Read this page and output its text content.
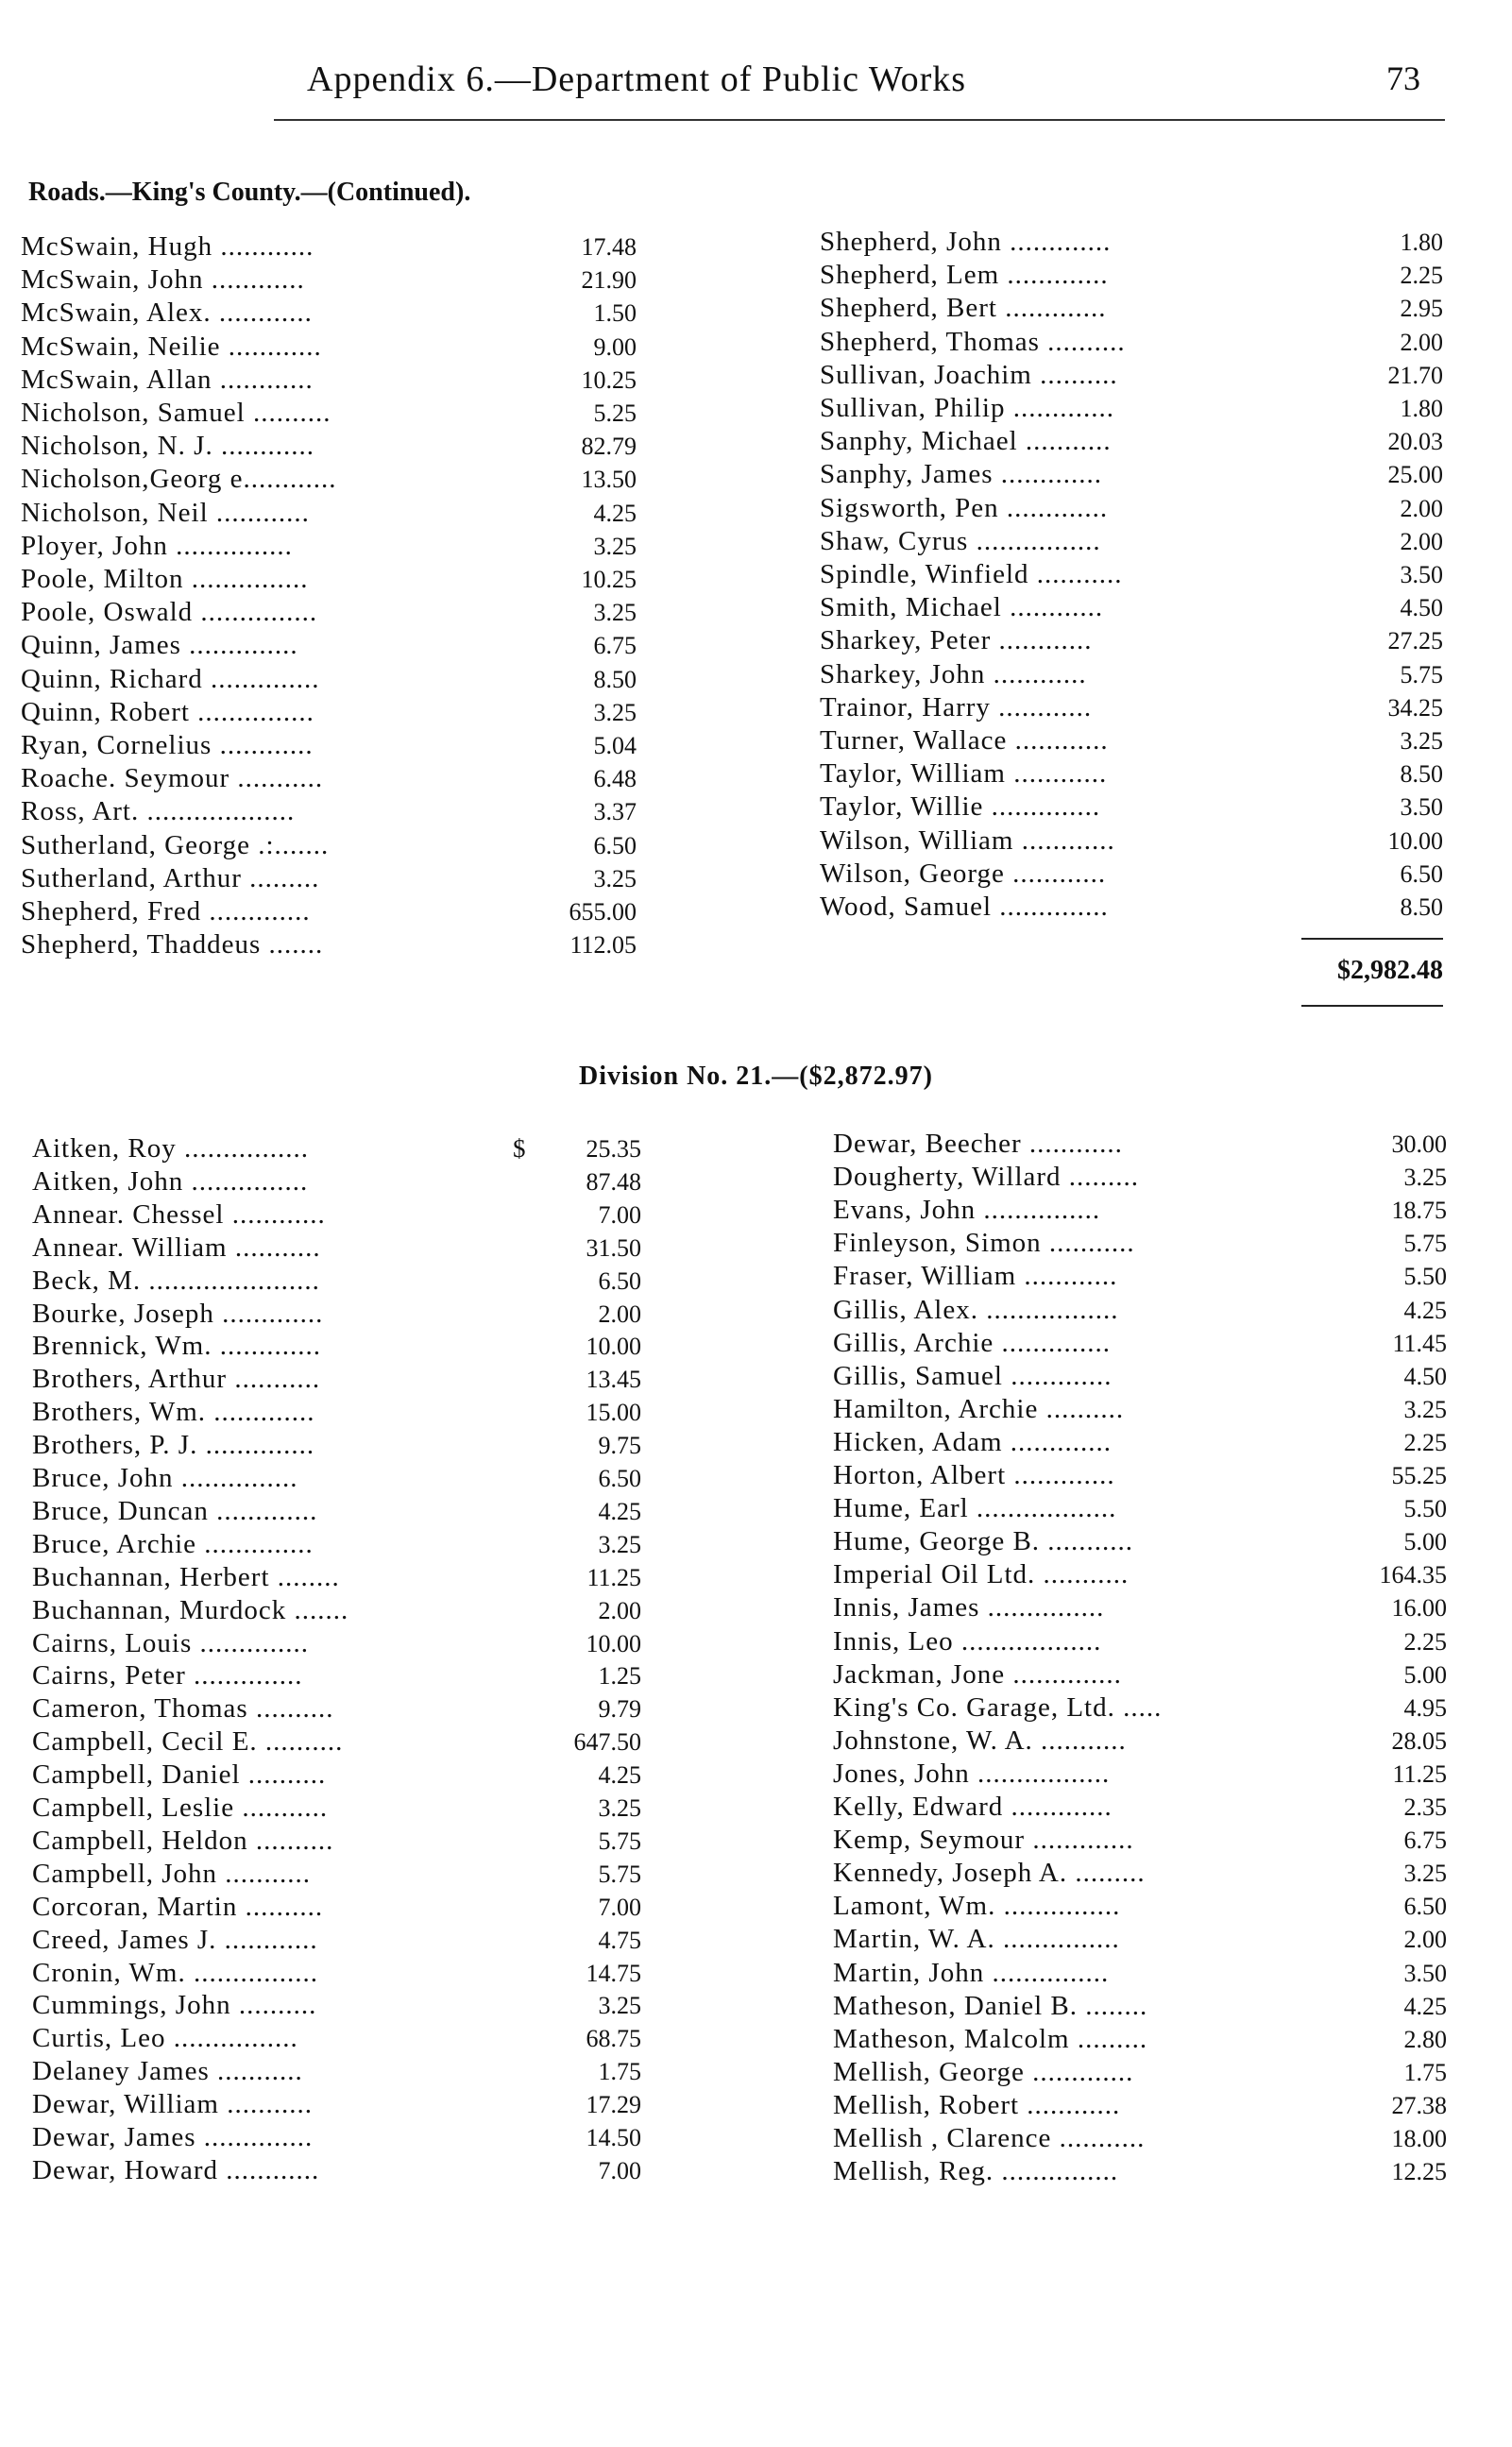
Appendix 6.—Department of Public Works	73
Roads.—King's County.—(Continued).
McSwain, Hugh ............	17.48
McSwain, John ............	21.90
McSwain, Alex. ............	1.50
McSwain, Neilie ............	9.00
McSwain, Allan ............	10.25
Nicholson, Samuel ..........	5.25
Nicholson, N. J. ............	82.79
Nicholson,Georg e............	13.50
Nicholson, Neil ............	4.25
Ployer, John ...............	3.25
Poole, Milton ...............	10.25
Poole, Oswald ...............	3.25
Quinn, James ..............	6.75
Quinn, Richard ..............	8.50
Quinn, Robert ...............	3.25
Ryan, Cornelius ............	5.04
Roache. Seymour ...........	6.48
Ross, Art. ...................	3.37
Sutherland, George .:.......	6.50
Sutherland, Arthur .........	3.25
Shepherd, Fred .............	655.00
Shepherd, Thaddeus .......	112.05
Shepherd, John .............	1.80
Shepherd, Lem .............	2.25
Shepherd, Bert .............	2.95
Shepherd, Thomas ..........	2.00
Sullivan, Joachim ..........	21.70
Sullivan, Philip .............	1.80
Sanphy, Michael ...........	20.03
Sanphy, James .............	25.00
Sigsworth, Pen .............	2.00
Shaw, Cyrus ................	2.00
Spindle, Winfield ...........	3.50
Smith, Michael ............	4.50
Sharkey, Peter ............	27.25
Sharkey, John ............	5.75
Trainor, Harry ............	34.25
Turner, Wallace ............	3.25
Taylor, William ............	8.50
Taylor, Willie ..............	3.50
Wilson, William ............	10.00
Wilson, George ............	6.50
Wood, Samuel ..............	8.50
$2,982.48
Division No. 21.—($2,872.97)
$
Aitken, Roy ................	25.35
Aitken, John ...............	87.48
Annear. Chessel ............	7.00
Annear. William ...........	31.50
Beck, M. ......................	6.50
Bourke, Joseph .............	2.00
Brennick, Wm. .............	10.00
Brothers, Arthur ...........	13.45
Brothers, Wm. .............	15.00
Brothers, P. J. ..............	9.75
Bruce, John ...............	6.50
Bruce, Duncan .............	4.25
Bruce, Archie ..............	3.25
Buchannan, Herbert ........	11.25
Buchannan, Murdock .......	2.00
Cairns, Louis ..............	10.00
Cairns, Peter ..............	1.25
Cameron, Thomas ..........	9.79
Campbell, Cecil E. ..........	647.50
Campbell, Daniel ..........	4.25
Campbell, Leslie ...........	3.25
Campbell, Heldon ..........	5.75
Campbell, John ...........	5.75
Corcoran, Martin ..........	7.00
Creed, James J. ............	4.75
Cronin, Wm. ................	14.75
Cummings, John ..........	3.25
Curtis, Leo ................	68.75
Delaney James ...........	1.75
Dewar, William ...........	17.29
Dewar, James ..............	14.50
Dewar, Howard ............	7.00
Dewar, Beecher ............	30.00
Dougherty, Willard .........	3.25
Evans, John ...............	18.75
Finleyson, Simon ...........	5.75
Fraser, William ............	5.50
Gillis, Alex. .................	4.25
Gillis, Archie ..............	11.45
Gillis, Samuel .............	4.50
Hamilton, Archie ..........	3.25
Hicken, Adam .............	2.25
Horton, Albert .............	55.25
Hume, Earl ..................	5.50
Hume, George B. ...........	5.00
Imperial Oil Ltd. ...........	164.35
Innis, James ...............	16.00
Innis, Leo ..................	2.25
Jackman, Jone ..............	5.00
King's Co. Garage, Ltd. .....	4.95
Johnstone, W. A. ...........	28.05
Jones, John .................	11.25
Kelly, Edward .............	2.35
Kemp, Seymour .............	6.75
Kennedy, Joseph A. .........	3.25
Lamont, Wm. ...............	6.50
Martin, W. A. ...............	2.00
Martin, John ...............	3.50
Matheson, Daniel B. ........	4.25
Matheson, Malcolm .........	2.80
Mellish, George .............	1.75
Mellish, Robert ............	27.38
Mellish , Clarence ...........	18.00
Mellish, Reg. ...............	12.25
